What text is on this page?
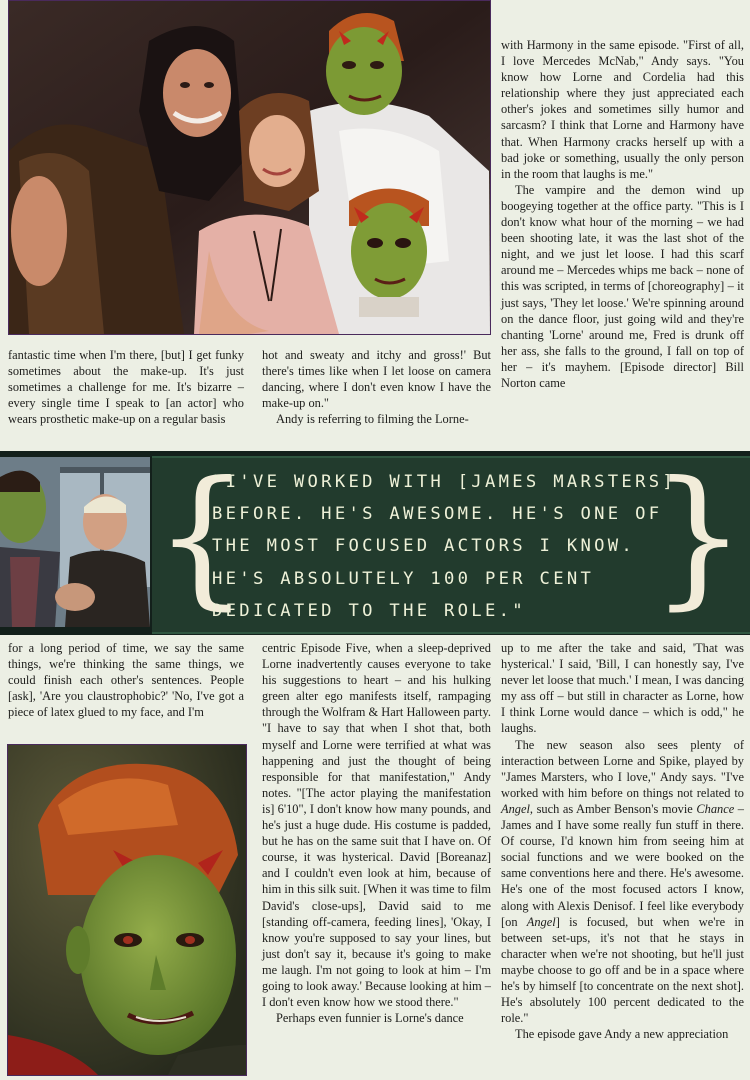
fantastic time when I'm there, [but] I get funky sometimes about the make-up. It's just sometimes a challenge for me. It's bizarre – every single time I speak to [an actor] who wears prosthetic make-up on a regular basis

hot and sweaty and itchy and gross!' But there's times like when I let loose on camera dancing, where I don't even know I have the make-up on."

Andy is referring to filming the Lorne-

with Harmony in the same episode. "First of all, I love Mercedes McNab," Andy says. "You know how Lorne and Cordelia had this relationship where they just appreciated each other's jokes and sometimes silly humor and sarcasm? I think that Lorne and Harmony have that. When Harmony cracks herself up with a bad joke or something, usually the only person in the room that laughs is me."

The vampire and the demon wind up boogeying together at the office party. "This is I don't know what hour of the morning – we had been shooting late, it was the last shot of the night, and we just let loose. I had this scarf around me – Mercedes whips me back – none of this was scripted, in terms of [choreography] – it just says, 'They let loose.' We're spinning around on the dance floor, just going wild and they're chanting 'Lorne' around me, Fred is drunk off her ass, she falls to the ground, I fall on top of her – it's mayhem. [Episode director] Bill Norton came

{
"I'VE WORKED WITH [JAMES MARSTERS] BEFORE. HE'S AWESOME. HE'S ONE OF THE MOST FOCUSED ACTORS I KNOW. HE'S ABSOLUTELY 100 PER CENT DEDICATED TO THE ROLE." }

for a long period of time, we say the same things, we're thinking the same things, we could finish each other's sentences. People [ask], 'Are you claustrophobic?' 'No, I've got a piece of latex glued to my face, and I'm

centric Episode Five, when a sleep-deprived Lorne inadvertently causes everyone to take his suggestions to heart – and his hulking green alter ego manifests itself, rampaging through the Wolfram & Hart Halloween party. "I have to say that when I shot that, both myself and Lorne were terrified at what was happening and just the thought of being responsible for that manifestation," Andy notes. "[The actor playing the manifestation is] 6'10", I don't know how many pounds, and he's just a huge dude. His costume is padded, but he has on the same suit that I have on. Of course, it was hysterical. David [Boreanaz] and I couldn't even look at him, because of him in this silk suit. [When it was time to film David's close-ups], David said to me [standing off-camera, feeding lines], 'Okay, I know you're supposed to say your lines, but just don't say it, because it's going to make me laugh. I'm not going to look at him – I'm going to look away.' Because looking at him – I don't even know how we stood there."

Perhaps even funnier is Lorne's dance

up to me after the take and said, 'That was hysterical.' I said, 'Bill, I can honestly say, I've never let loose that much.' I mean, I was dancing my ass off – but still in character as Lorne, how I think Lorne would dance – which is odd," he laughs.

The new season also sees plenty of interaction between Lorne and Spike, played by "James Marsters, who I love," Andy says. "I've worked with him before on things not related to Angel, such as Amber Benson's movie Chance – James and I have some really fun stuff in there. Of course, I'd known him from seeing him at social functions and we were booked on the same conventions here and there. He's awesome. He's one of the most focused actors I know, along with Alexis Denisof. I feel like everybody [on Angel] is focused, but when we're in between set-ups, it's not that he stays in character when we're not shooting, but he'll just maybe choose to go off and be in a space where he's by himself [to concentrate on the next shot]. He's absolutely 100 percent dedicated to the role."

The episode gave Andy a new appreciation
